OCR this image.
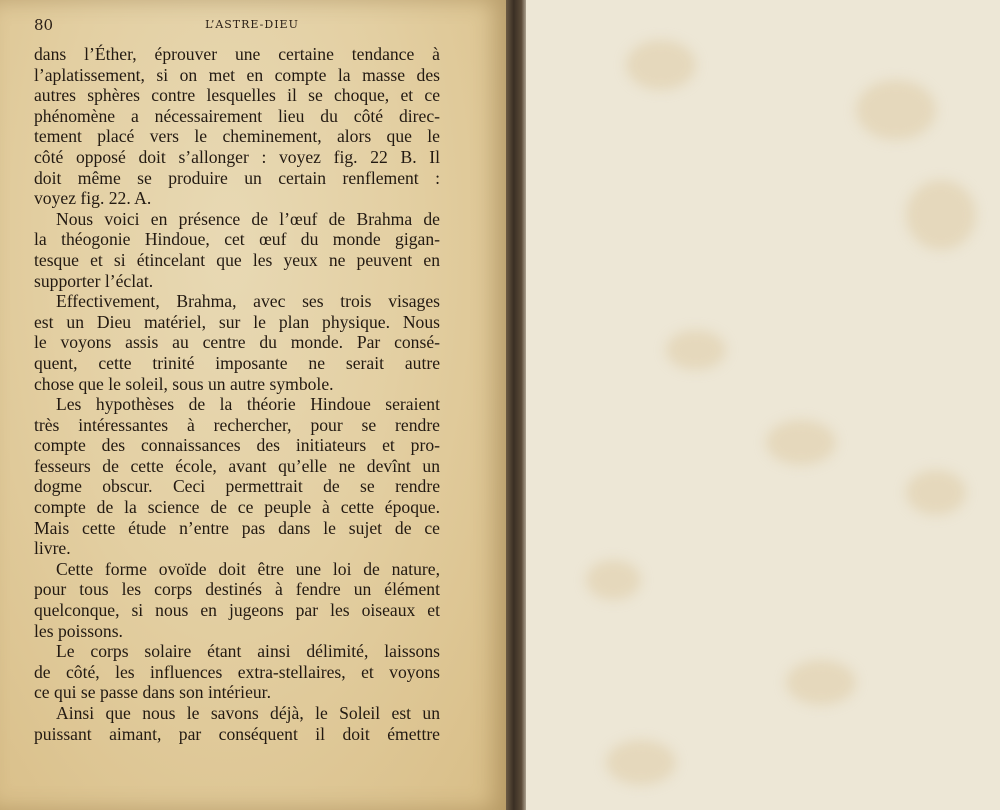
80	L’ASTRE-DIEU
dans l’Éther, éprouver une certaine tendance à
l’aplatissement, si on met en compte la masse des
autres sphères contre lesquelles il se choque, et ce
phénomène a nécessairement lieu du côté direc-
tement placé vers le cheminement, alors que le
côté opposé doit s’allonger : voyez fig. 22 B. Il
doit même se produire un certain renflement :
voyez fig. 22. A.
Nous voici en présence de l’œuf de Brahma de
la théogonie Hindoue, cet œuf du monde gigan-
tesque et si étincelant que les yeux ne peuvent en
supporter l’éclat.
Effectivement, Brahma, avec ses trois visages
est un Dieu matériel, sur le plan physique. Nous
le voyons assis au centre du monde. Par consé-
quent, cette trinité imposante ne serait autre
chose que le soleil, sous un autre symbole.
Les hypothèses de la théorie Hindoue seraient
très intéressantes à rechercher, pour se rendre
compte des connaissances des initiateurs et pro-
fesseurs de cette école, avant qu’elle ne devînt un
dogme obscur. Ceci permettrait de se rendre
compte de la science de ce peuple à cette époque.
Mais cette étude n’entre pas dans le sujet de ce
livre.
Cette forme ovoïde doit être une loi de nature,
pour tous les corps destinés à fendre un élément
quelconque, si nous en jugeons par les oiseaux et
les poissons.
Le corps solaire étant ainsi délimité, laissons
de côté, les influences extra-stellaires, et voyons
ce qui se passe dans son intérieur.
Ainsi que nous le savons déjà, le Soleil est un
puissant aimant, par conséquent il doit émettre
